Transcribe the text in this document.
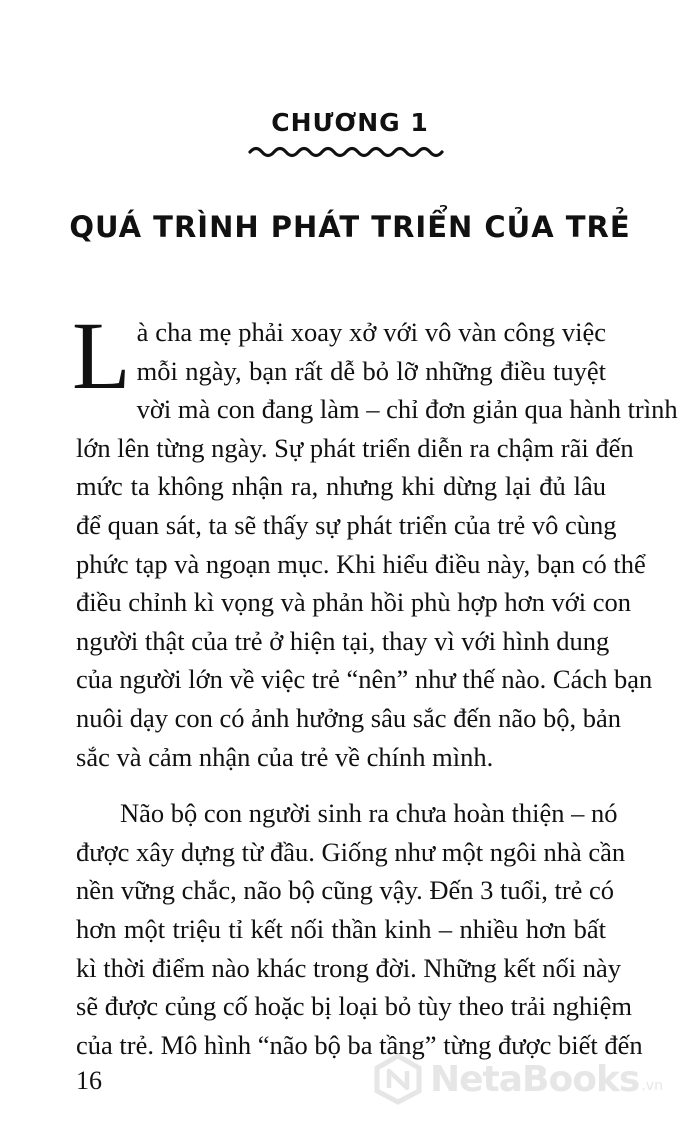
CHƯƠNG 1
QUÁ TRÌNH PHÁT TRIỂN CỦA TRẺ
L à cha mẹ phải xoay xở với vô vàn công việc
mỗi ngày, bạn rất dễ bỏ lỡ những điều tuyệt
vời mà con đang làm – chỉ đơn giản qua hành trình
lớn lên từng ngày. Sự phát triển diễn ra chậm rãi đến
mức ta không nhận ra, nhưng khi dừng lại đủ lâu
để quan sát, ta sẽ thấy sự phát triển của trẻ vô cùng
phức tạp và ngoạn mục. Khi hiểu điều này, bạn có thể
điều chỉnh kì vọng và phản hồi phù hợp hơn với con
người thật của trẻ ở hiện tại, thay vì với hình dung
của người lớn về việc trẻ “nên” như thế nào. Cách bạn
nuôi dạy con có ảnh hưởng sâu sắc đến não bộ, bản
sắc và cảm nhận của trẻ về chính mình.
Não bộ con người sinh ra chưa hoàn thiện – nó
được xây dựng từ đầu. Giống như một ngôi nhà cần
nền vững chắc, não bộ cũng vậy. Đến 3 tuổi, trẻ có
hơn một triệu tỉ kết nối thần kinh – nhiều hơn bất
kì thời điểm nào khác trong đời. Những kết nối này
sẽ được củng cố hoặc bị loại bỏ tùy theo trải nghiệm
của trẻ. Mô hình “não bộ ba tầng” từng được biết đến
16	NetaBooks .vn
